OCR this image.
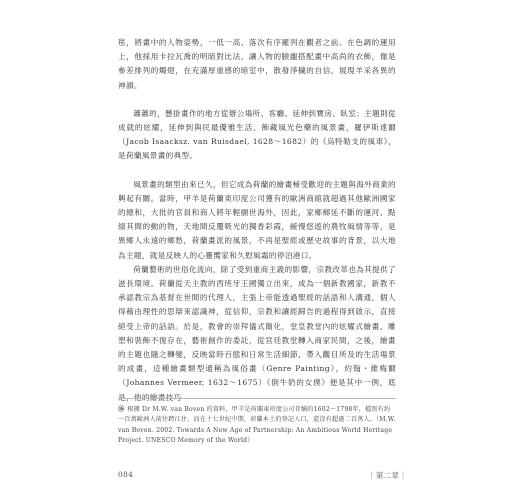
毯，將畫中的人物姿勢，一低一高、落次有序羅列在觀者之前。在色調的運用上，他採用卡拉瓦喬的明暗對比法，讓人物的臉龐搭配畫中高尚的衣飾，像是參差排列的燭燈，在充滿厚重感的暗室中，散發淨穢的自信，展現羊采各異的神韻。

蕭蕭的，懸掛畫作的地方從辦公場所、客廳、延伸到寶房、臥室；主題則從成就的炫耀，延伸到與民最優雅生活、飾藏風光色藥的風景畫，羅伊斯達爾（Jacob Isaacksz. van Ruisdael, 1628～1682）的《烏特勒支的風車》，是荷蘭風景畫的典型。

風景畫的類型由來已久，但它成為荷蘭的繪畫極受歡迎的主題與海外商業的興起有關。當時，甲羊是荷蘭東印度公司獲有的歐洲商館就超過其他歐洲國家的總和，大批的官員和商人將年輕願世海外，因此，家鄉鄉延不斷的運河、點綴其間的動的物，天地間反覆吸光的獨香彩霞，緩慢悠遊的農牧風情等等，是異鄉人永遠的鄉愁，荷蘭畫派的風景，不再是聖經或歷史故事的背景，以大地為主題，就是反映人的心靈嚮家和久慰風霜的停泊港口。

荷蘭藝術的世俗化流向，除了受到重商主義的影響，宗教改革也為其提供了滋長環境。荷蘭從天主教的西班牙王國獨立出來，成為一個新教國家，新教不承認教宗為基督在世間的代理人，主張上帝能透過聖經的話語和人溝通，個人得藉由理性的思辯來認識神，從信仰，宗教和讓經歸告的過程得到啟示，直接絕受上帝的話語。於是，教會的崇拜儀式簡化，堂皇教堂內的炫耀式繪畫、雕塑和裝飾不復存在，藝術創作的委託，從宮廷教堂轉入商家民間，之後，繪畫的主題也隨之轉變，反映當時百態和日常生活細節，帶入觀目所及的生活場景的成畫，這種繪畫類型通稱為風俗畫（Genre Painting），約翰・維梅爾（Johannes Vermeer, 1632～1675）《倒牛奶的女僕》便是其中一例，底是，他的繪畫技巧

⑯ 根據 Dr M.W. van Boven 的資料，甲羊是荷蘭東印度公司存續的1602～1798年，檔寫有約一百萬歐洲人前往跨江住，而在十七世紀中期，荷蘭本土的登記人口，還沒有超過二百萬人。（M.W. van Boven. 2002. Towards A New Age of Partnership: An Ambitious World Heritage Project. UNESCO Memory of the World）
084	｜第二章｜
